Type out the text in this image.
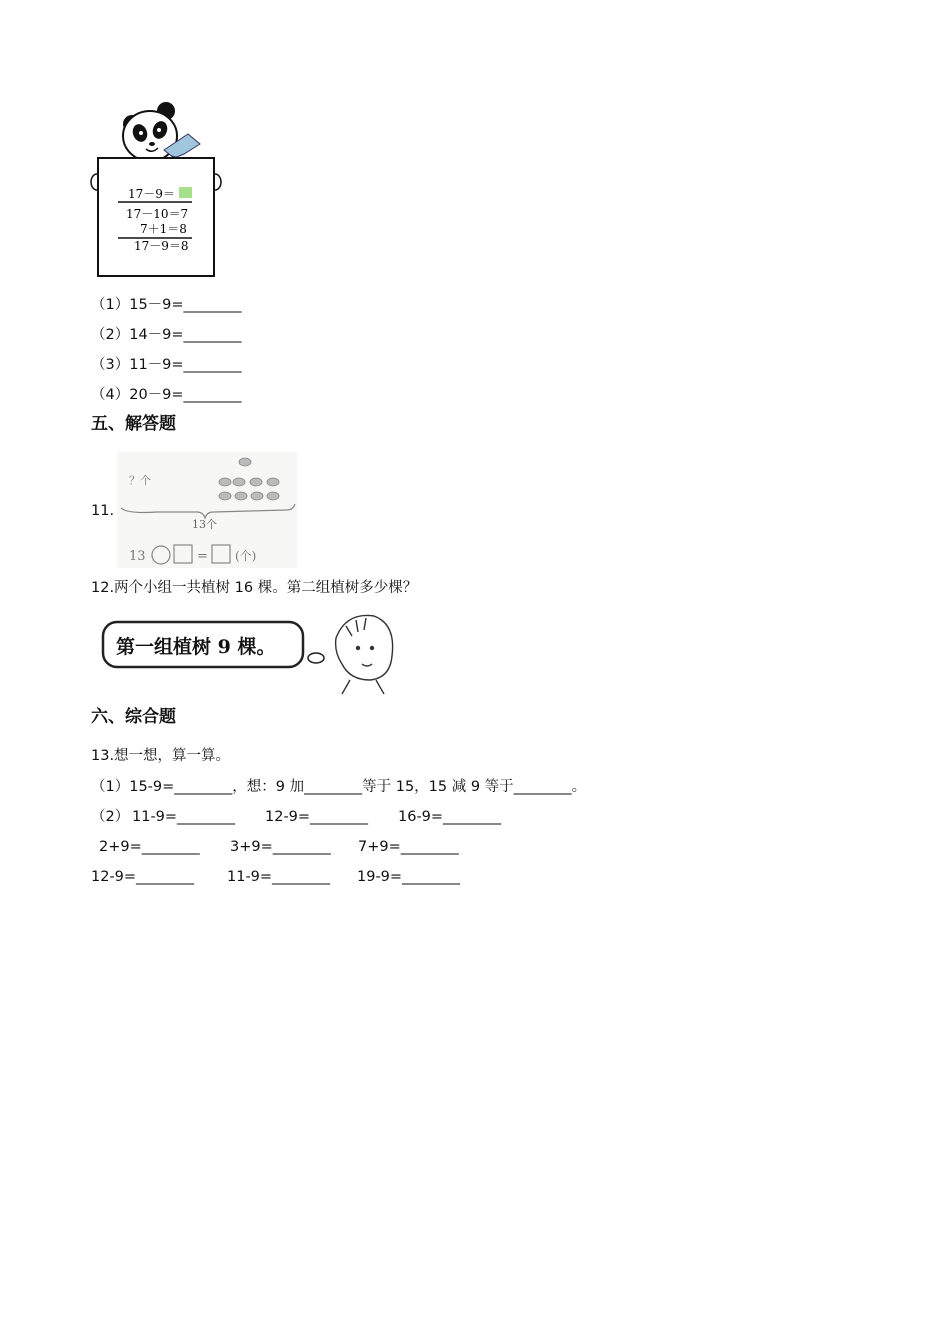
17－9＝
17－10＝7
7＋1＝8
17－9＝8
（1）15－9=________
（2）14－9=________
（3）11－9=________
（4）20－9=________
五、解答题
11.
？个
13个
13	= (个)
12.两个小组一共植树 16 棵。第二组植树多少棵？
第一组植树 9 棵。
六、综合题
13.想一想，算一算。
（1）15-9=________，想：9 加________等于 15，15 减 9 等于________。
（2） 11-9=________ 12-9=________ 16-9=________
2+9=________ 3+9=________ 7+9=________
12-9=________ 11-9=________ 19-9=________
